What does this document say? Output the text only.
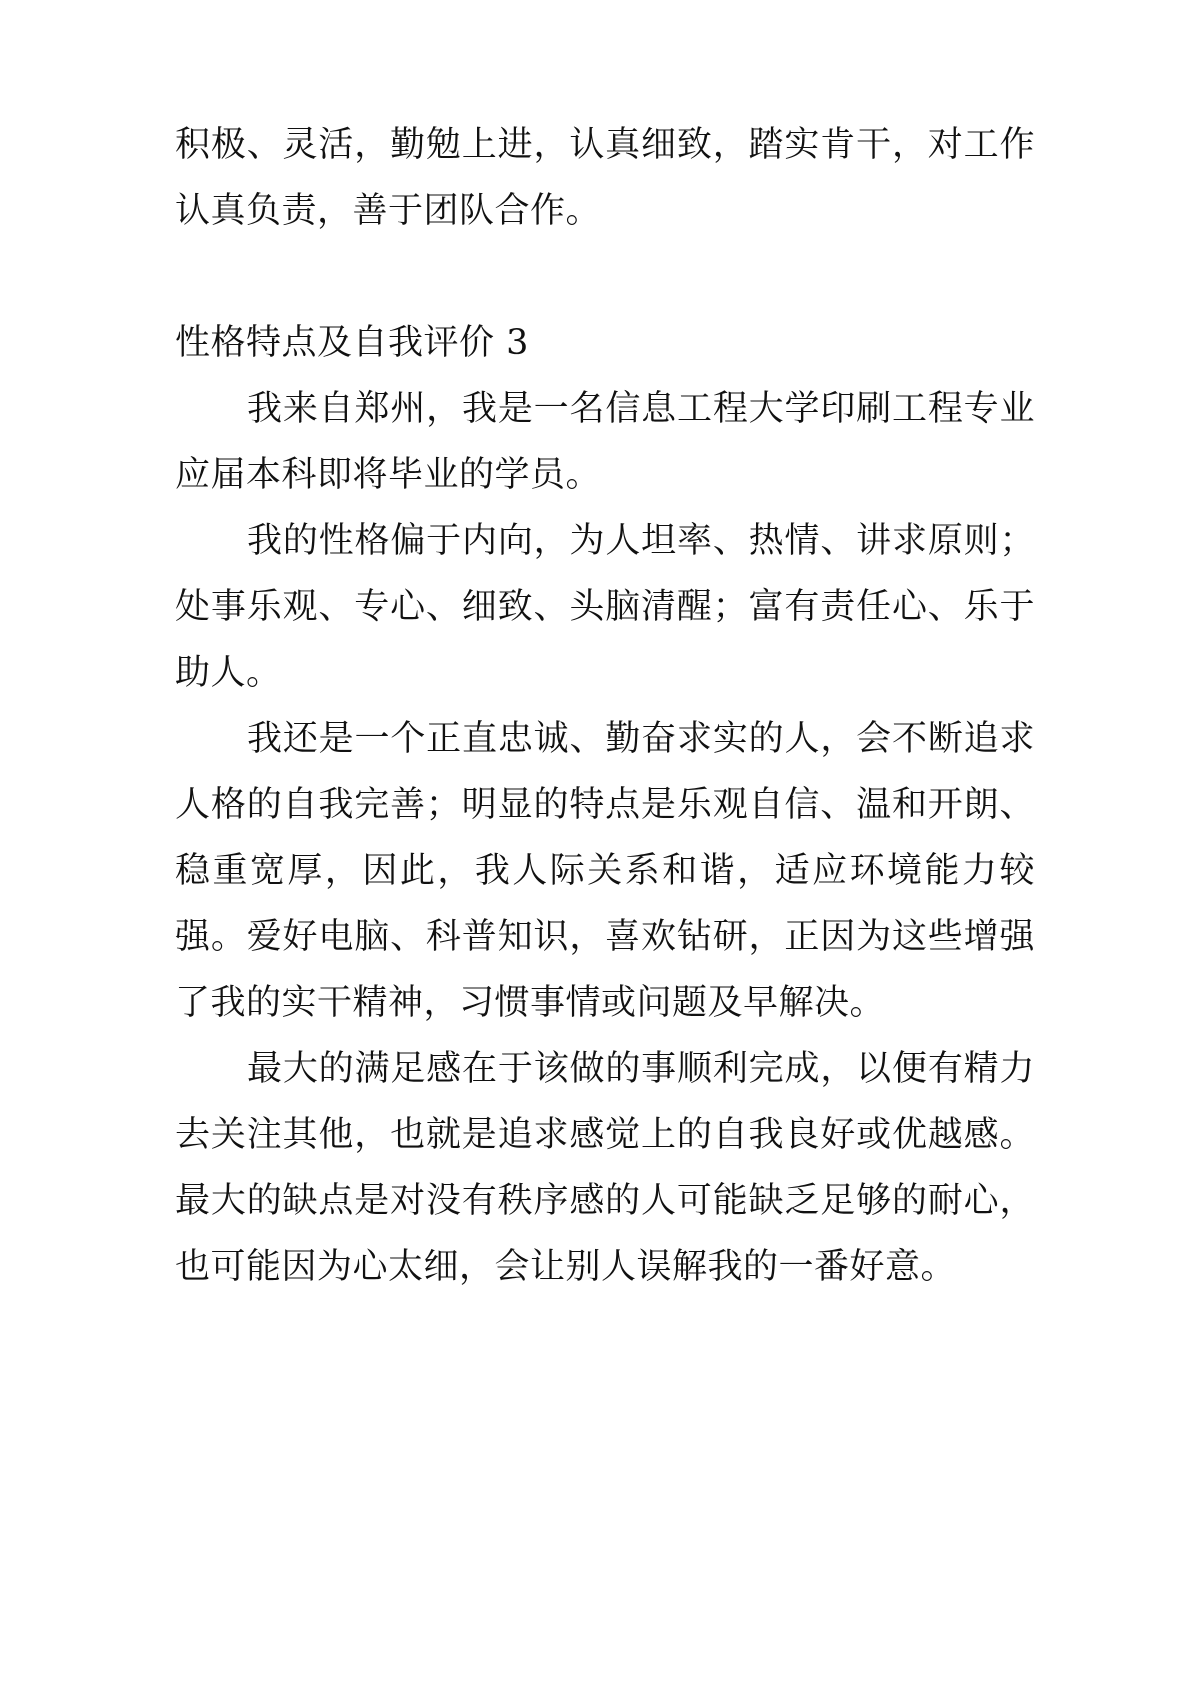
积极、灵活，勤勉上进，认真细致，踏实肯干，对工作认真负责，善于团队合作。

性格特点及自我评价 3

我来自郑州，我是一名信息工程大学印刷工程专业应届本科即将毕业的学员。

我的性格偏于内向，为人坦率、热情、讲求原则；处事乐观、专心、细致、头脑清醒；富有责任心、乐于助人。

我还是一个正直忠诚、勤奋求实的人，会不断追求人格的自我完善；明显的特点是乐观自信、温和开朗、稳重宽厚，因此，我人际关系和谐，适应环境能力较强。爱好电脑、科普知识，喜欢钻研，正因为这些增强了我的实干精神，习惯事情或问题及早解决。

最大的满足感在于该做的事顺利完成，以便有精力去关注其他，也就是追求感觉上的自我良好或优越感。最大的缺点是对没有秩序感的人可能缺乏足够的耐心，也可能因为心太细，会让别人误解我的一番好意。
